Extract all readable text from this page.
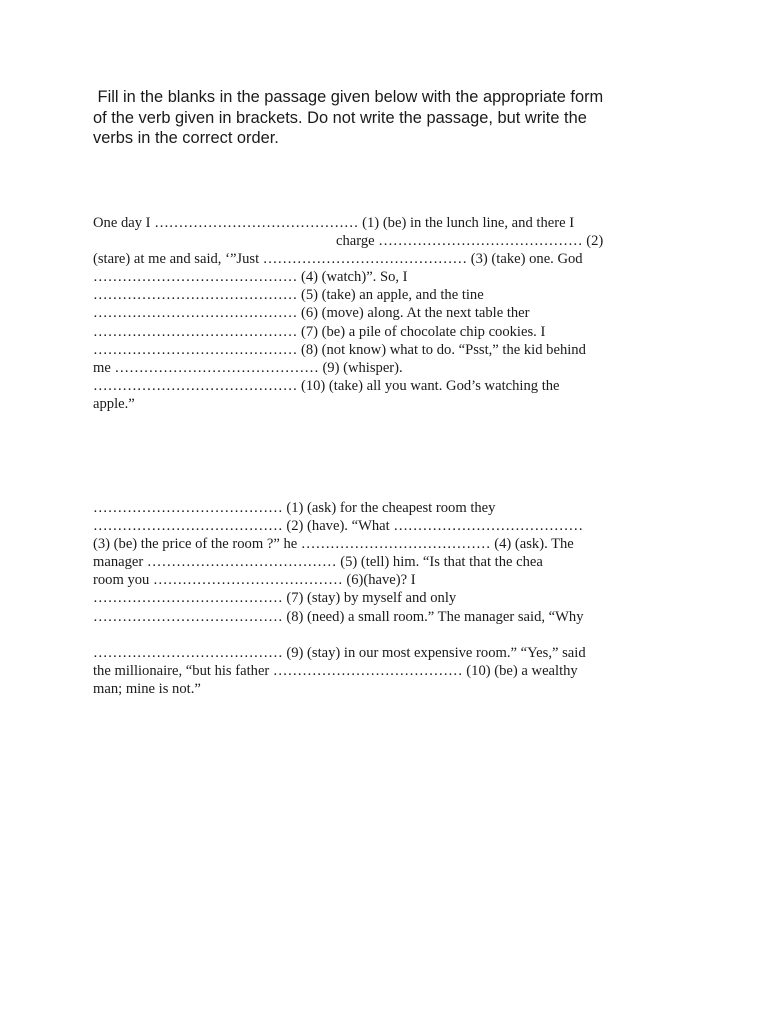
Fill in the blanks in the passage given below with the appropriate form
of the verb given in brackets. Do not write the passage, but write the
verbs in the correct order.
One day I …………………………………… (1) (be) in the lunch line, and there I
charge …………………………………… (2)
(stare) at me and said, ‘”Just …………………………………… (3) (take) one. God
…………………………………… (4) (watch)”. So, I
…………………………………… (5) (take) an apple, and the tine
…………………………………… (6) (move) along. At the next table ther
…………………………………… (7) (be) a pile of chocolate chip cookies. I
…………………………………… (8) (not know) what to do. “Psst,” the kid behind
me …………………………………… (9) (whisper).
…………………………………… (10) (take) all you want. God’s watching the
apple.”
………………………………… (1) (ask) for the cheapest room they
………………………………… (2) (have). “What …………………………………
(3) (be) the price of the room ?” he ………………………………… (4) (ask). The
manager ………………………………… (5) (tell) him. “Is that that the chea
room you ………………………………… (6)(have)? I
………………………………… (7) (stay) by myself and only
………………………………… (8) (need) a small room.” The manager said, “Why
………………………………… (9) (stay) in our most expensive room.” “Yes,” said
the millionaire, “but his father ………………………………… (10) (be) a wealthy
man; mine is not.”
